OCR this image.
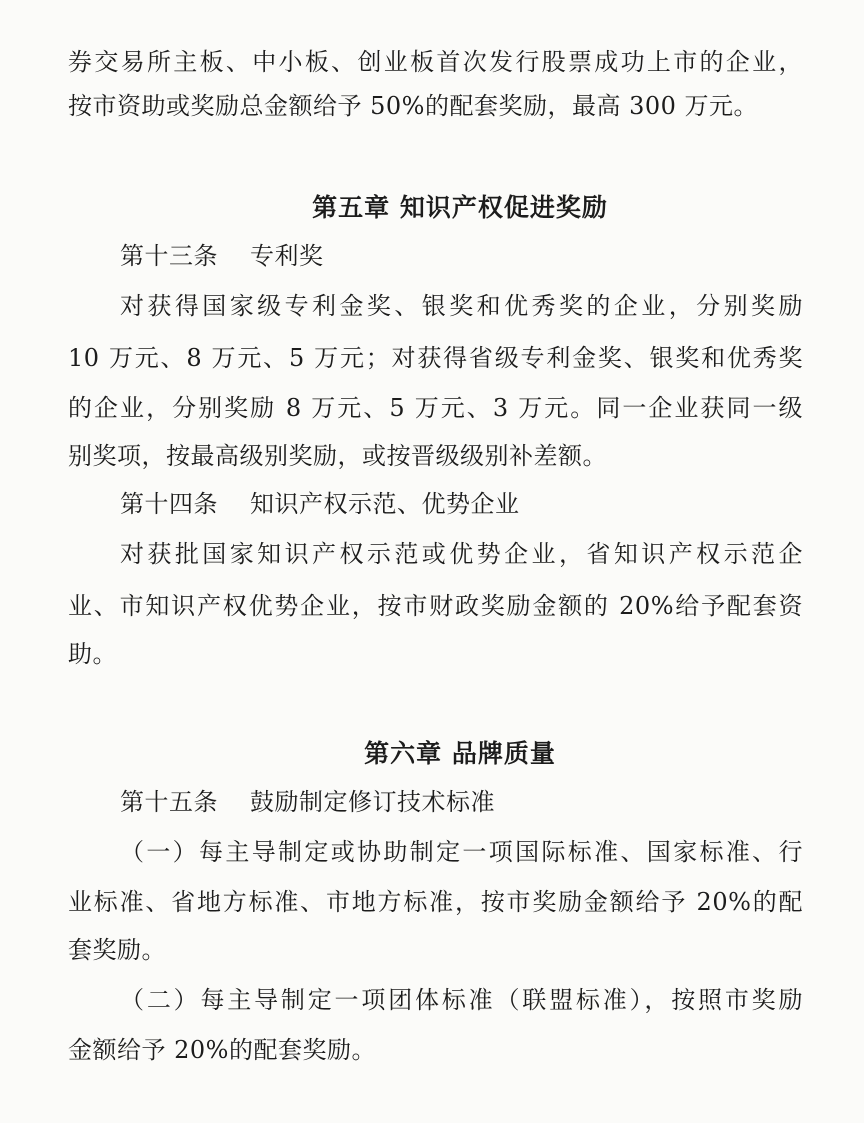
券交易所主板、中小板、创业板首次发行股票成功上市的企业，
按市资助或奖励总金额给予 50%的配套奖励，最高 300 万元。
第五章 知识产权促进奖励
第十三条 专利奖
对获得国家级专利金奖、银奖和优秀奖的企业，分别奖励
10 万元、8 万元、5 万元；对获得省级专利金奖、银奖和优秀奖
的企业，分别奖励 8 万元、5 万元、3 万元。同一企业获同一级
别奖项，按最高级别奖励，或按晋级级别补差额。
第十四条 知识产权示范、优势企业
对获批国家知识产权示范或优势企业，省知识产权示范企
业、市知识产权优势企业，按市财政奖励金额的 20%给予配套资
助。
第六章 品牌质量
第十五条 鼓励制定修订技术标准
（一）每主导制定或协助制定一项国际标准、国家标准、行
业标准、省地方标准、市地方标准，按市奖励金额给予 20%的配
套奖励。
（二）每主导制定一项团体标准（联盟标准），按照市奖励
金额给予 20%的配套奖励。
